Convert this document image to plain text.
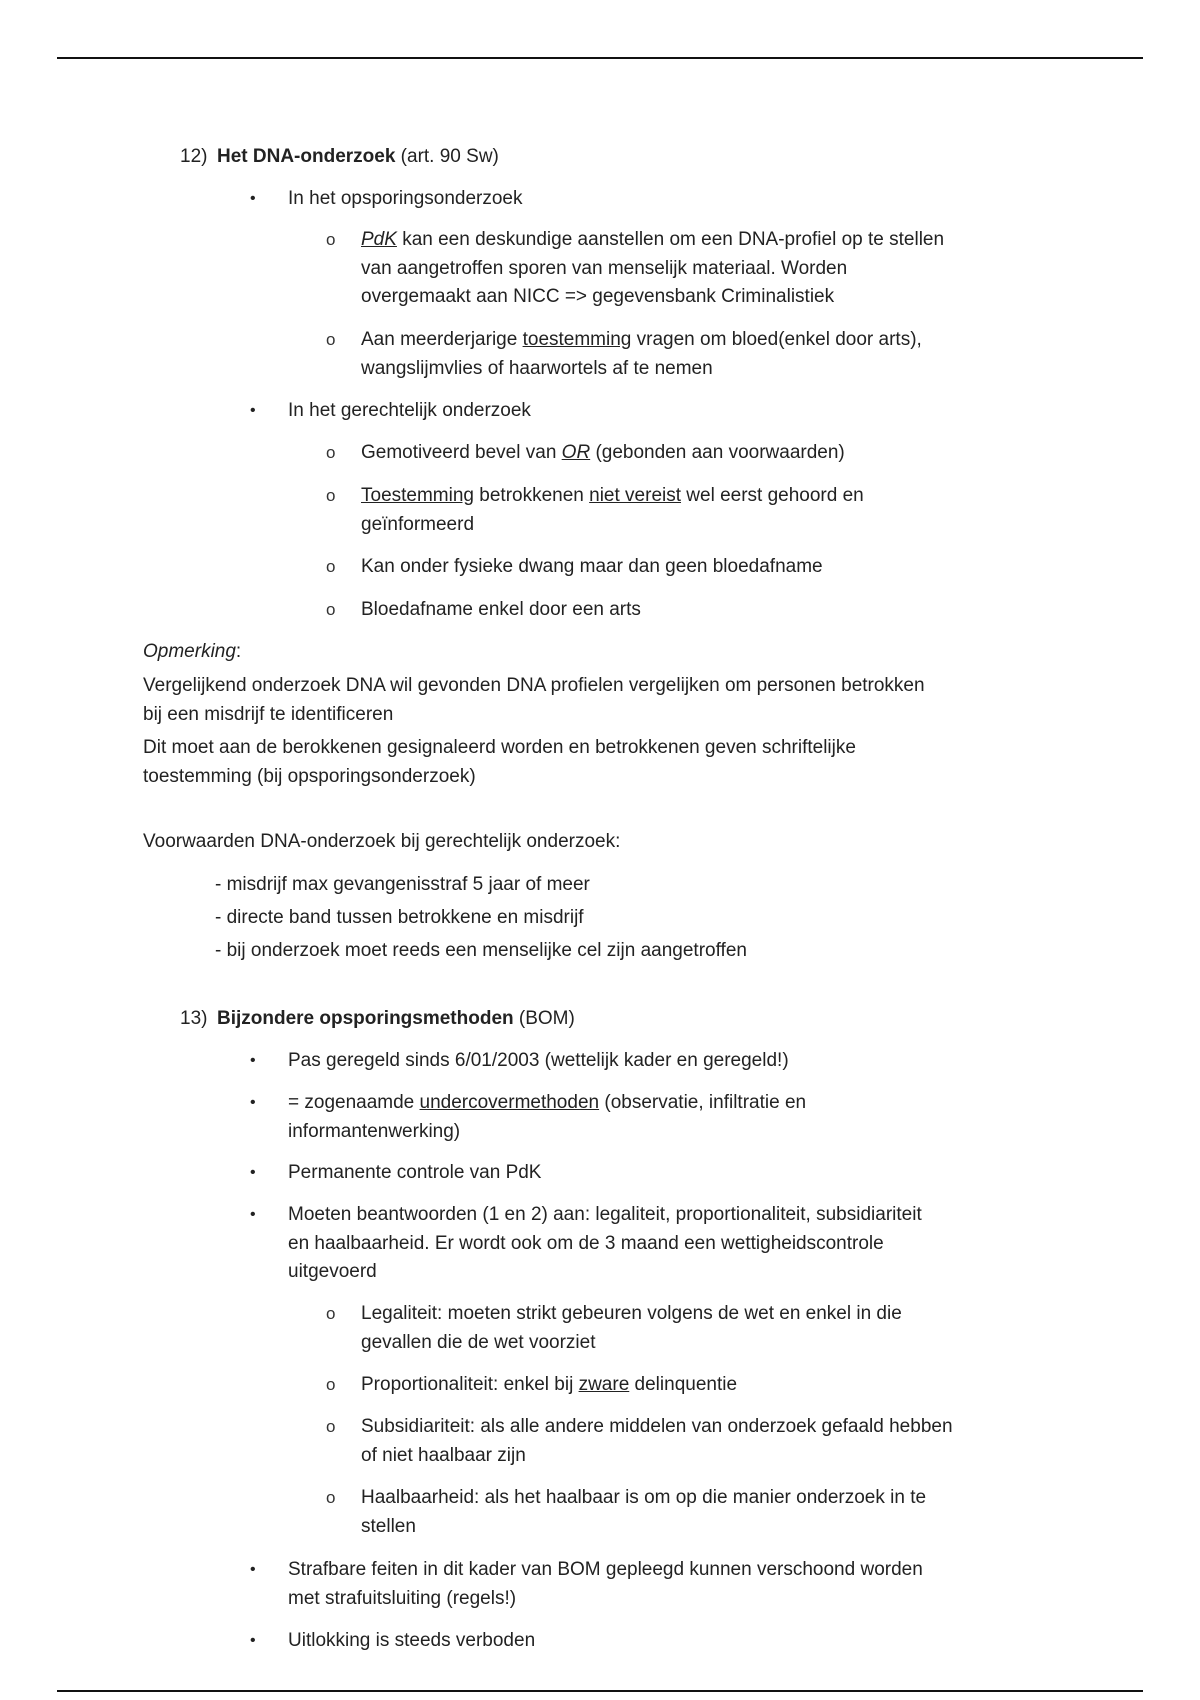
12) Het DNA-onderzoek (art. 90 Sw)
• In het opsporingsonderzoek
o PdK kan een deskundige aanstellen om een DNA-profiel op te stellen van aangetroffen sporen van menselijk materiaal. Worden overgemaakt aan NICC => gegevensbank Criminalistiek
o Aan meerderjarige toestemming vragen om bloed(enkel door arts), wangslijmvlies of haarwortels af te nemen
• In het gerechtelijk onderzoek
o Gemotiveerd bevel van OR (gebonden aan voorwaarden)
o Toestemming betrokkenen niet vereist wel eerst gehoord en geïnformeerd
o Kan onder fysieke dwang maar dan geen bloedafname
o Bloedafname enkel door een arts
Opmerking:
Vergelijkend onderzoek DNA wil gevonden DNA profielen vergelijken om personen betrokken bij een misdrijf te identificeren
Dit moet aan de berokkenen gesignaleerd worden en betrokkenen geven schriftelijke toestemming (bij opsporingsonderzoek)
Voorwaarden DNA-onderzoek bij gerechtelijk onderzoek:
- misdrijf max gevangenisstraf 5 jaar of meer
- directe band tussen betrokkene en misdrijf
- bij onderzoek moet reeds een menselijke cel zijn aangetroffen
13) Bijzondere opsporingsmethoden (BOM)
• Pas geregeld sinds 6/01/2003 (wettelijk kader en geregeld!)
• = zogenaamde undercovermethoden (observatie, infiltratie en informantenwerking)
• Permanente controle van PdK
• Moeten beantwoorden (1 en 2) aan: legaliteit, proportionaliteit, subsidiariteit en haalbaarheid. Er wordt ook om de 3 maand een wettigheidscontrole uitgevoerd
o Legaliteit: moeten strikt gebeuren volgens de wet en enkel in die gevallen die de wet voorziet
o Proportionaliteit: enkel bij zware delinquentie
o Subsidiariteit: als alle andere middelen van onderzoek gefaald hebben of niet haalbaar zijn
o Haalbaarheid: als het haalbaar is om op die manier onderzoek in te stellen
• Strafbare feiten in dit kader van BOM gepleegd kunnen verschoond worden met strafuitsluiting (regels!)
• Uitlokking is steeds verboden
